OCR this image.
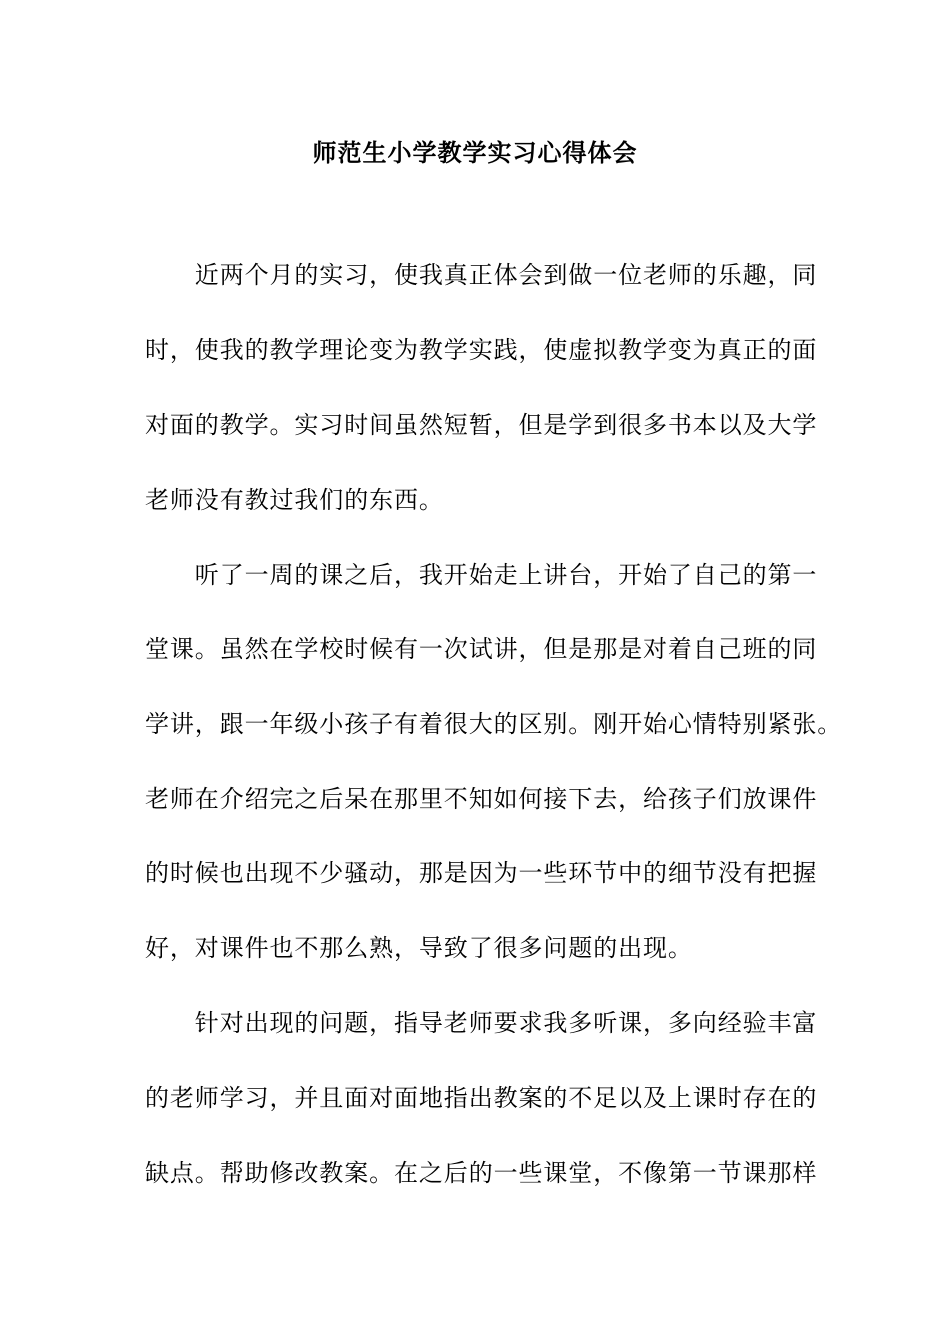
师范生小学教学实习心得体会
　　近两个月的实习，使我真正体会到做一位老师的乐趣，同
时，使我的教学理论变为教学实践，使虚拟教学变为真正的面
对面的教学。实习时间虽然短暂，但是学到很多书本以及大学
老师没有教过我们的东西。
　　听了一周的课之后，我开始走上讲台，开始了自己的第一
堂课。虽然在学校时候有一次试讲，但是那是对着自己班的同
学讲，跟一年级小孩子有着很大的区别。刚开始心情特别紧张。
老师在介绍完之后呆在那里不知如何接下去，给孩子们放课件
的时候也出现不少骚动，那是因为一些环节中的细节没有把握
好，对课件也不那么熟，导致了很多问题的出现。
　　针对出现的问题，指导老师要求我多听课，多向经验丰富
的老师学习，并且面对面地指出教案的不足以及上课时存在的
缺点。帮助修改教案。在之后的一些课堂，不像第一节课那样
